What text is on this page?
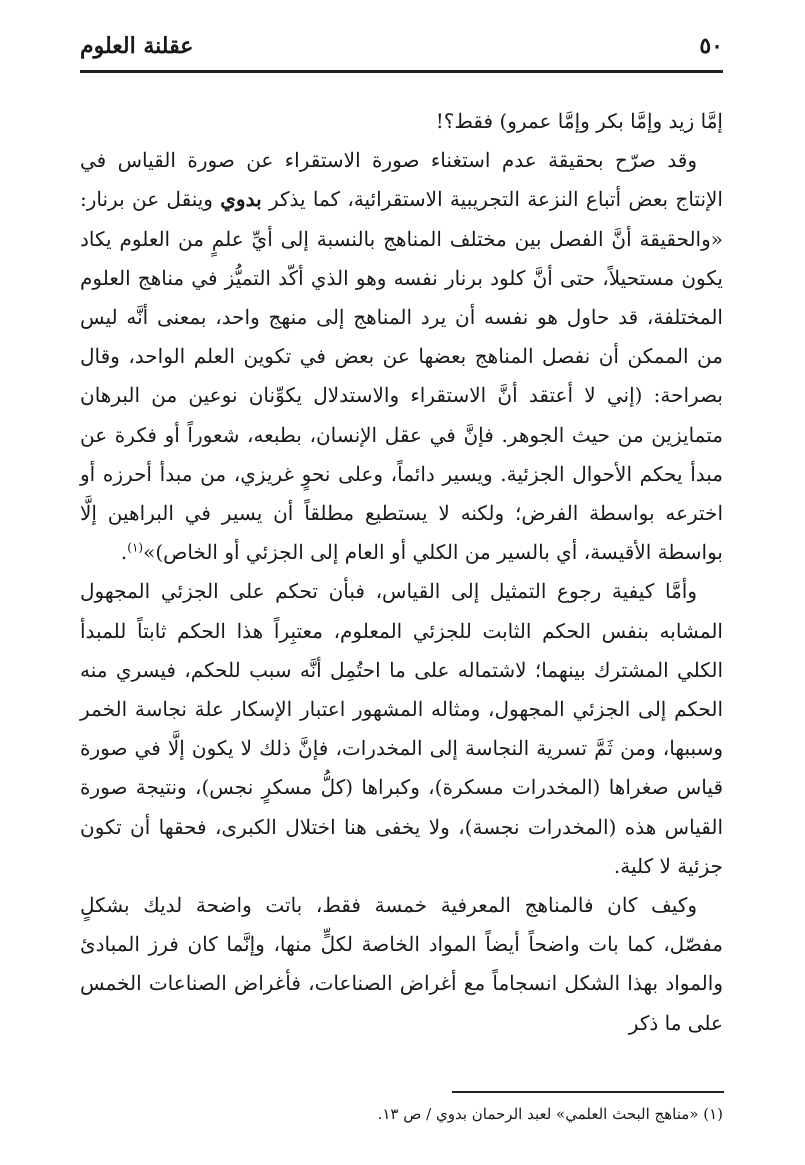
٥٠
عقلنة العلوم

إمَّا زيد وإمَّا بكر وإمَّا عمرو) فقط؟!

وقد صرّح بحقيقة عدم استغناء صورة الاستقراء عن صورة القياس في الإنتاج بعض أتباع النزعة التجريبية الاستقرائية، كما يذكر بدوي وينقل عن برنار: «والحقيقة أنَّ الفصل بين مختلف المناهج بالنسبة إلى أيِّ علمٍ من العلوم يكاد يكون مستحيلاً، حتى أنَّ كلود برنار نفسه وهو الذي أكّد التميُّز في مناهج العلوم المختلفة، قد حاول هو نفسه أن يرد المناهج إلى منهج واحد، بمعنى أنَّه ليس من الممكن أن نفصل المناهج بعضها عن بعض في تكوين العلم الواحد، وقال بصراحة: (إني لا أعتقد أنَّ الاستقراء والاستدلال يكوِّنان نوعين من البرهان متمايزين من حيث الجوهر. فإنَّ في عقل الإنسان، بطبعه، شعوراً أو فكرة عن مبدأ يحكم الأحوال الجزئية. ويسير دائماً، وعلى نحوٍ غريزي، من مبدأ أحرزه أو اخترعه بواسطة الفرض؛ ولكنه لا يستطيع مطلقاً أن يسير في البراهين إلَّا بواسطة الأقيسة، أي بالسير من الكلي أو العام إلى الجزئي أو الخاص)»$^{(١)}$.

وأمَّا كيفية رجوع التمثيل إلى القياس، فبأن تحكم على الجزئي المجهول المشابه بنفس الحكم الثابت للجزئي المعلوم، معتبِراً هذا الحكم ثابتاً للمبدأ الكلي المشترك بينهما؛ لاشتماله على ما احتُمِل أنَّه سبب للحكم، فيسري منه الحكم إلى الجزئي المجهول، ومثاله المشهور اعتبار الإسكار علة نجاسة الخمر وسببها، ومن ثَمَّ تسرية النجاسة إلى المخدرات، فإنَّ ذلك لا يكون إلَّا في صورة قياس صغراها (المخدرات مسكرة)، وكبراها (كلُّ مسكرٍ نجس)، ونتيجة صورة القياس هذه (المخدرات نجسة)، ولا يخفى هنا اختلال الكبرى، فحقها أن تكون جزئية لا كلية.

وكيف كان فالمناهج المعرفية خمسة فقط، باتت واضحة لديك بشكلٍ مفصّل، كما بات واضحاً أيضاً المواد الخاصة لكلٍّ منها، وإنَّما كان فرز المبادئ والمواد بهذا الشكل انسجاماً مع أغراض الصناعات، فأغراض الصناعات الخمس على ما ذكر

(١) «مناهج البحث العلمي» لعبد الرحمان بدوي / ص ١٣.
